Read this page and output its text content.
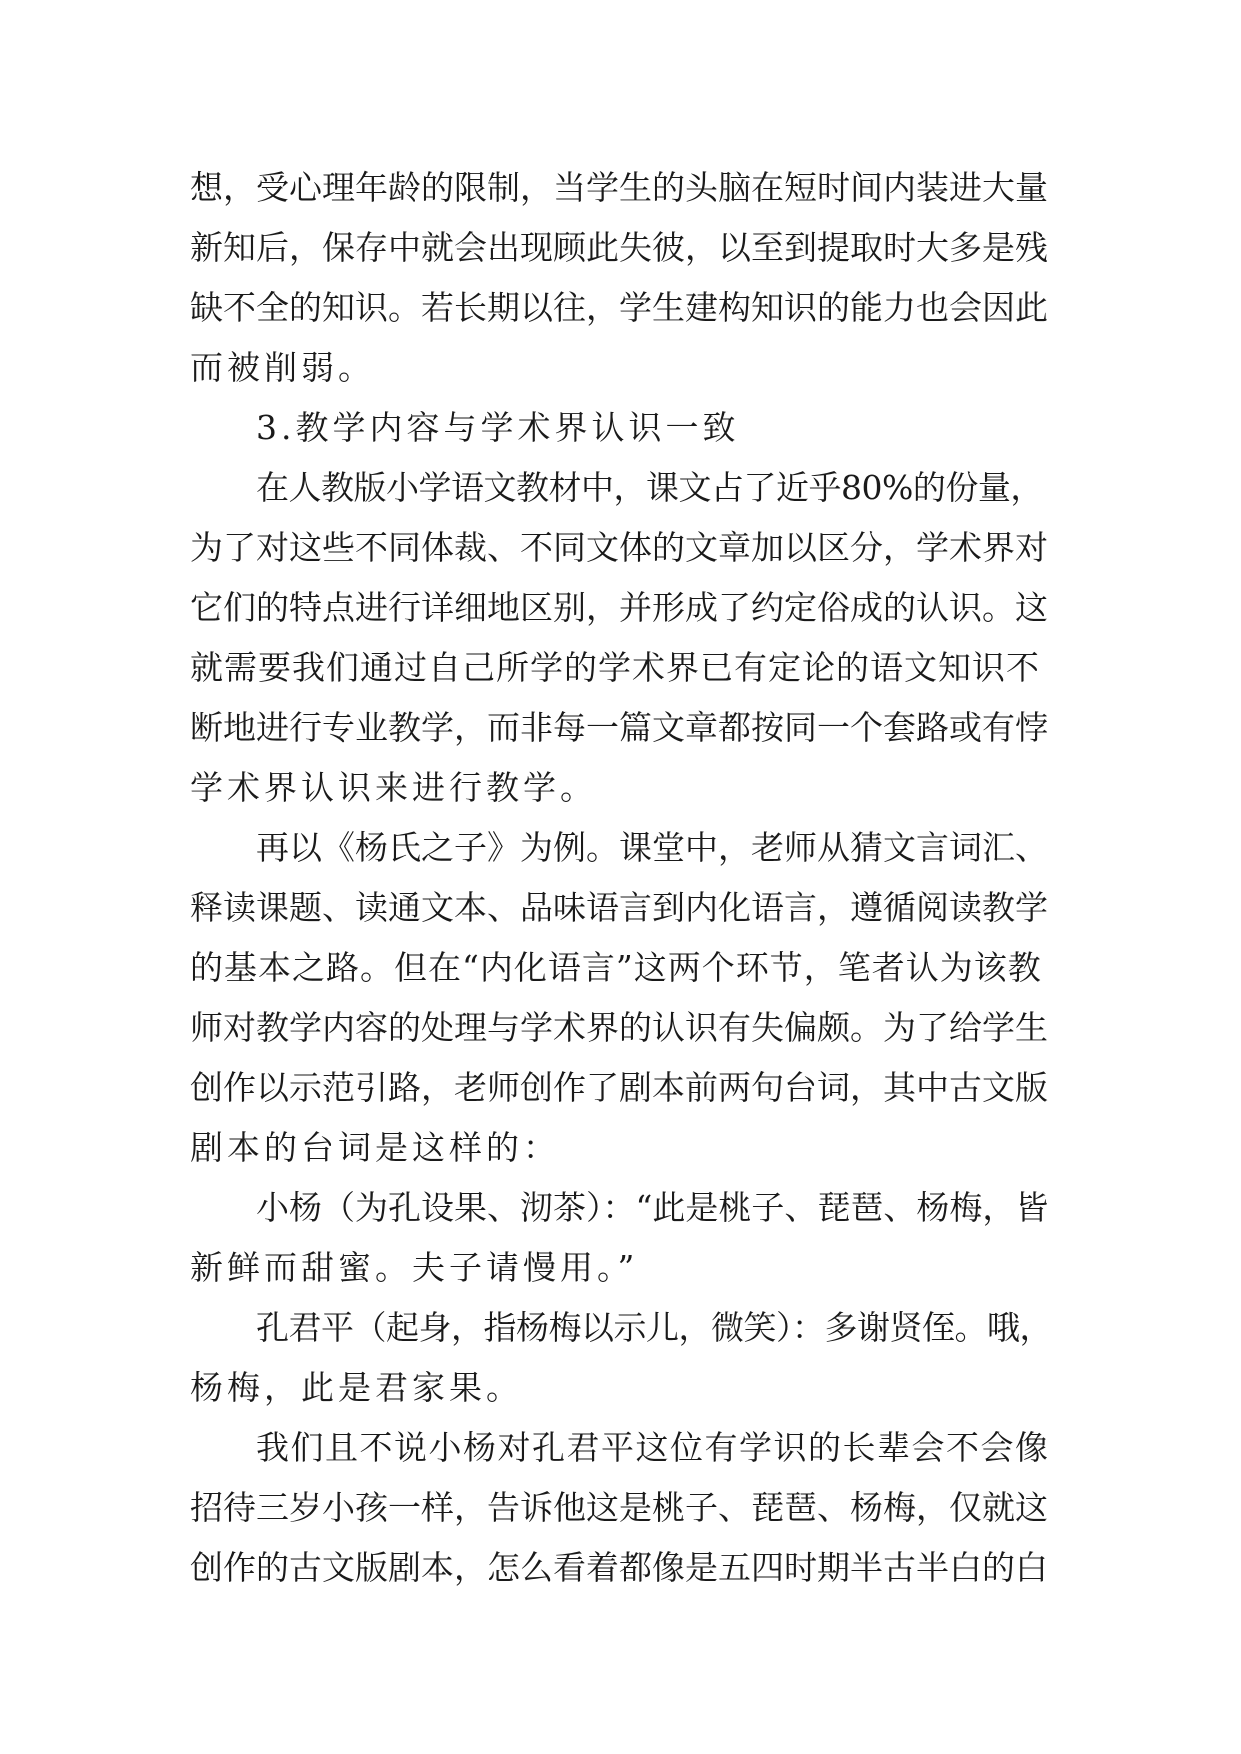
想，受心理年龄的限制，当学生的头脑在短时间内装进大量
新知后，保存中就会出现顾此失彼，以至到提取时大多是残
缺不全的知识。若长期以往，学生建构知识的能力也会因此
而被削弱。
3.教学内容与学术界认识一致
在人教版小学语文教材中，课文占了近乎80%的份量，
为了对这些不同体裁、不同文体的文章加以区分，学术界对
它们的特点进行详细地区别，并形成了约定俗成的认识。这
就需要我们通过自己所学的学术界已有定论的语文知识不
断地进行专业教学，而非每一篇文章都按同一个套路或有悖
学术界认识来进行教学。
再以《杨氏之子》为例。课堂中，老师从猜文言词汇、
释读课题、读通文本、品味语言到内化语言，遵循阅读教学
的基本之路。但在“内化语言”这两个环节，笔者认为该教
师对教学内容的处理与学术界的认识有失偏颇。为了给学生
创作以示范引路，老师创作了剧本前两句台词，其中古文版
剧本的台词是这样的：
小杨（为孔设果、沏茶）：“此是桃子、琵琶、杨梅，皆
新鲜而甜蜜。夫子请慢用。”
孔君平（起身，指杨梅以示儿，微笑）：多谢贤侄。哦，
杨梅，此是君家果。
我们且不说小杨对孔君平这位有学识的长辈会不会像
招待三岁小孩一样，告诉他这是桃子、琵琶、杨梅，仅就这
创作的古文版剧本，怎么看着都像是五四时期半古半白的白
